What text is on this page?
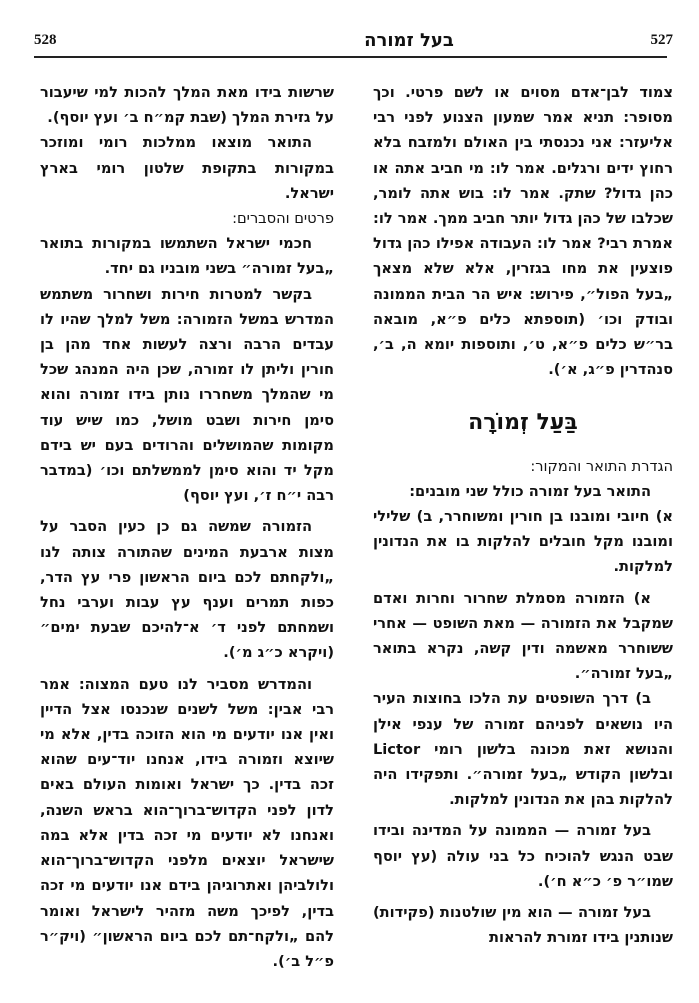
528	בעל זמורה	527

צמוד לבן־אדם מסוים או לשם פרטי. וכך מסופר: תניא אמר שמעון הצנוע לפני רבי אליעזר: אני נכנסתי בין האולם ולמזבח בלא רחוץ ידים ורגלים. אמר לו: מי חביב אתה או כהן גדול? שתק. אמר לו: בוש אתה לומר, שכלבו של כהן גדול יותר חביב ממך. אמר לו: אמרת רבי? אמר לו: העבודה אפילו כהן גדול פוצעין את מחו בגזרין, אלא שלא מצאך „בעל הפול״, פירוש: איש הר הבית הממונה ובודק וכו׳ (תוספתא כלים פ״א, מובאה בר״ש כלים פ״א, ט׳, ותוספות יומא ה, ב׳, סנהדרין פ״ג, א׳).

בַּעַל זְמוֹרָה

הגדרת התואר והמקור:

התואר בעל זמורה כולל שני מובנים:

א) חיובי ומובנו בן חורין ומשוחרר, ב) שלילי ומובנו מקל חובלים להלקות בו את הנדונין למלקות.

א) הזמורה מסמלת שחרור וחרות ואדם שמקבל את הזמורה — מאת השופט — אחרי ששוחרר מאשמה ודין קשה, נקרא בתואר „בעל זמורה״.

ב) דרך השופטים עת הלכו בחוצות העיר היו נושאים לפניהם זמורה של ענפי אילן והנושא זאת מכונה בלשון רומי Lictor ובלשון הקודש „בעל זמורה״. ותפקידו היה להלקות בהן את הנדונין למלקות.

בעל זמורה — הממונה על המדינה ובידו שבט הנגש להוכיח כל בני עולה (עץ יוסף שמו״ר פ׳ כ״א ח׳).

בעל זמורה — הוא מין שולטנות (פקידות) שנותנין בידו זמורת להראות

שרשות בידו מאת המלך להכות למי שיעבור על גזירת המלך (שבת קמ״ח ב׳ ועץ יוסף).

התואר מוצאו ממלכות רומי ומוזכר במקורות בתקופת שלטון רומי בארץ ישראל.

פרטים והסברים:

חכמי ישראל השתמשו במקורות בתואר „בעל זמורה״ בשני מובניו גם יחד.

בקשר למטרות חירות ושחרור משתמש המדרש במשל הזמורה: משל למלך שהיו לו עבדים הרבה ורצה לעשות אחד מהן בן חורין וליתן לו זמורה, שכן היה המנהג שכל מי שהמלך משחררו נותן בידו זמורה והוא סימן חירות ושבט מושל, כמו שיש עוד מקומות שהמושלים והרודים בעם יש בידם מקל יד והוא סימן לממשלתם וכו׳ (במדבר רבה י״ח ז׳, ועץ יוסף)

הזמורה שמשה גם כן כעין הסבר על מצות ארבעת המינים שהתורה צותה לנו „ולקחתם לכם ביום הראשון פרי עץ הדר, כפות תמרים וענף עץ עבות וערבי נחל ושמחתם לפני ד׳ א־להיכם שבעת ימים״ (ויקרא כ״ג מ׳).

והמדרש מסביר לנו טעם המצוה: אמר רבי אבין: משל לשנים שנכנסו אצל הדיין ואין אנו יודעים מי הוא הזוכה בדין, אלא מי שיוצא וזמורה בידו, אנחנו יוד־עים שהוא זכה בדין. כך ישראל ואומות העולם באים לדון לפני הקדוש־ברוך־הוא בראש השנה, ואנחנו לא יודעים מי זכה בדין אלא במה שישראל יוצאים מלפני הקדוש־ברוך־הוא ולולביהן ואתרוגיהן בידם אנו יודעים מי זכה בדין, לפיכך משה מזהיר לישראל ואומר להם „ולקח־תם לכם ביום הראשון״ (ויק״ר פ״ל ב׳).
